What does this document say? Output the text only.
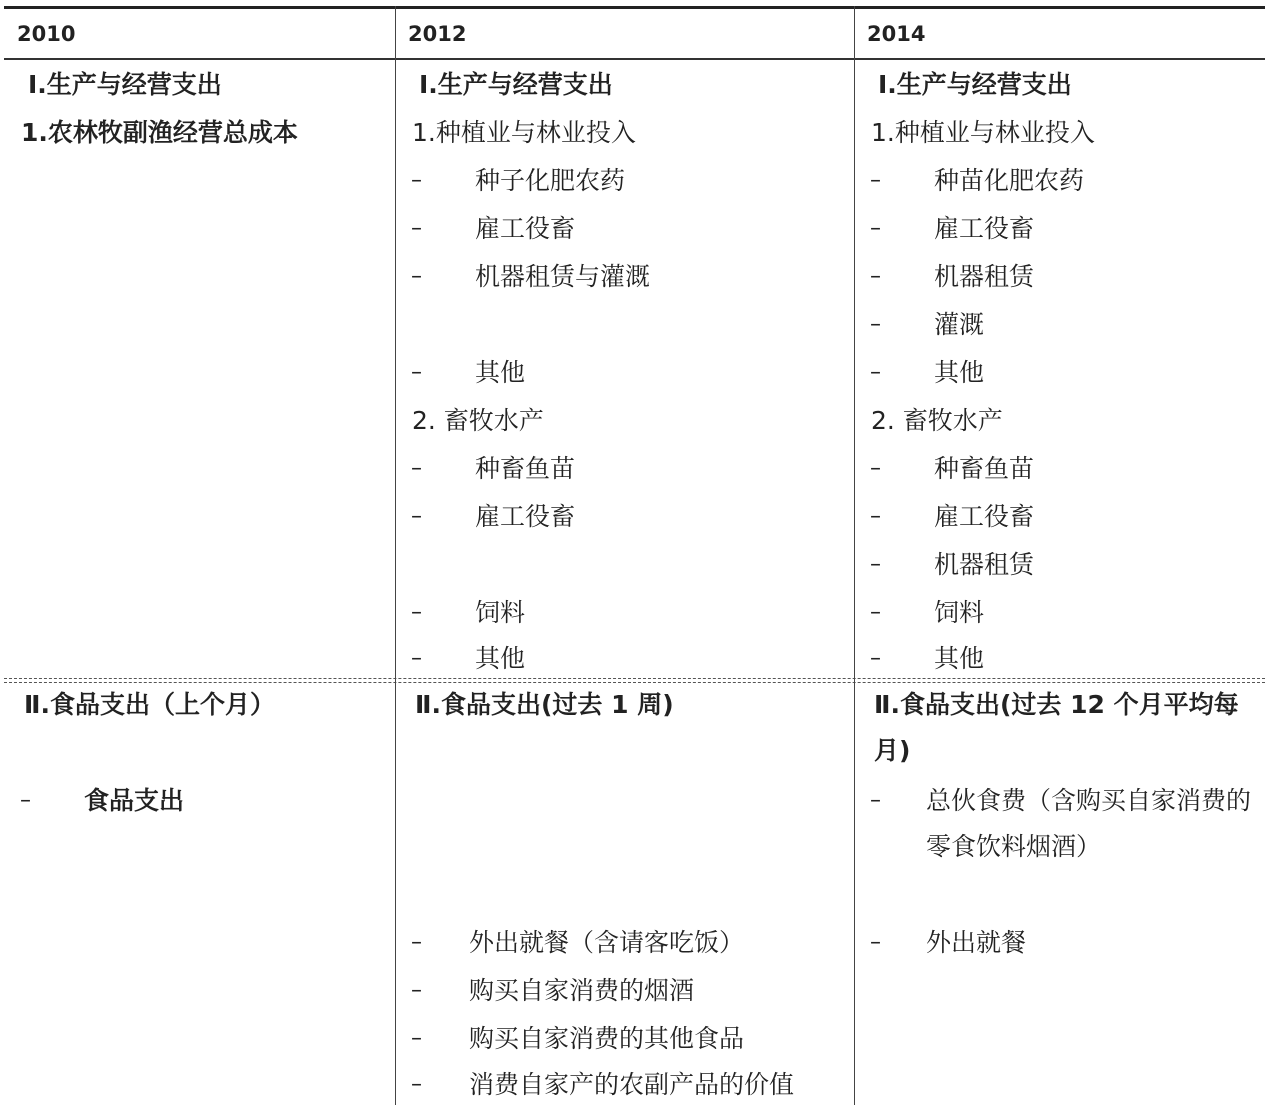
2010
Ⅰ.生产与经营支出
1.农林牧副渔经营总成本
Ⅱ.食品支出（上个月）
– 食品支出
2012
Ⅰ.生产与经营支出
1.种植业与林业投入
– 种子化肥农药
– 雇工役畜
– 机器租赁与灌溉
– 其他
2. 畜牧水产
– 种畜鱼苗
– 雇工役畜
– 饲料
– 其他
Ⅱ.食品支出(过去 1 周)
– 外出就餐（含请客吃饭）
– 购买自家消费的烟酒
– 购买自家消费的其他食品
– 消费自家产的农副产品的价值
2014
Ⅰ.生产与经营支出
1.种植业与林业投入
– 种苗化肥农药
– 雇工役畜
– 机器租赁
– 灌溉
– 其他
2. 畜牧水产
– 种畜鱼苗
– 雇工役畜
– 机器租赁
– 饲料
– 其他
Ⅱ.食品支出(过去 12 个月平均每月)
– 总伙食费（含购买自家消费的零食饮料烟酒）
– 外出就餐
